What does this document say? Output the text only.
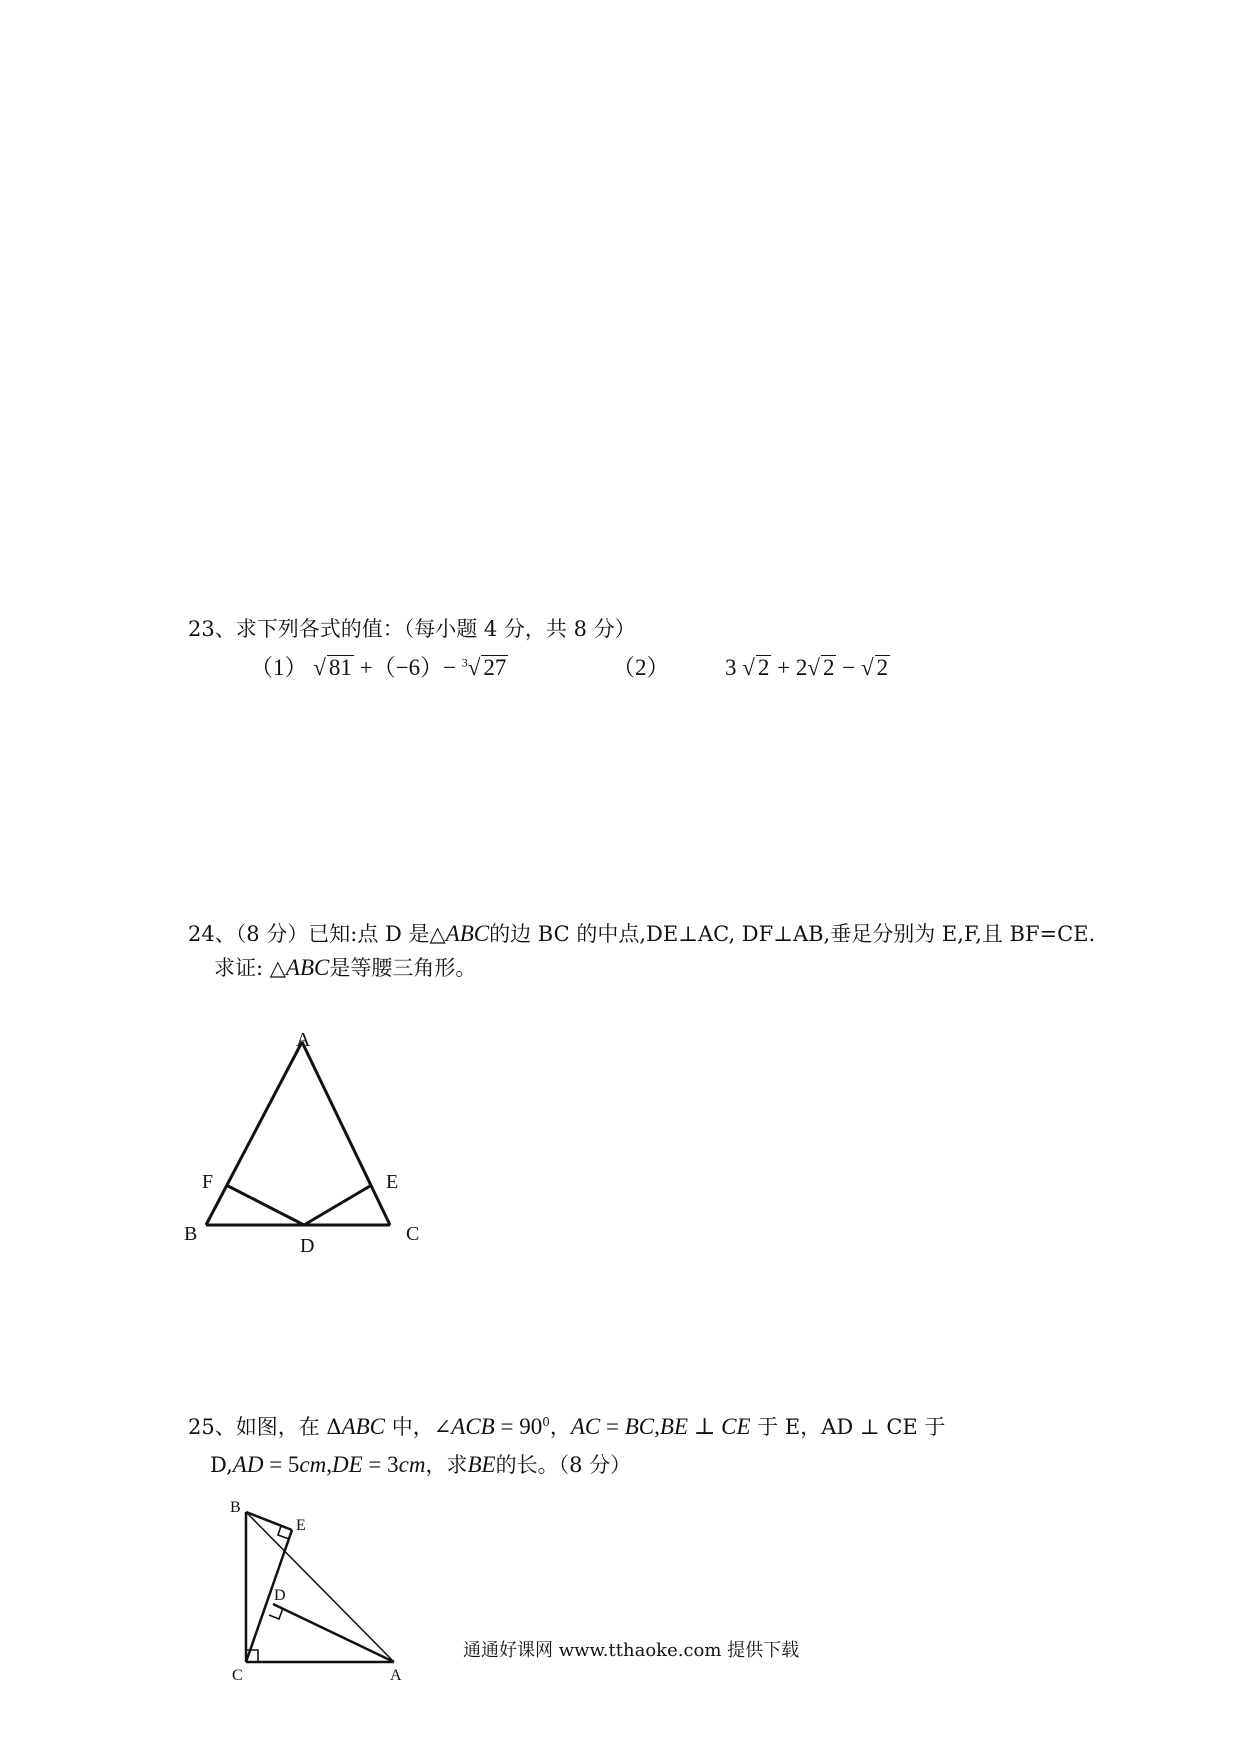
23、求下列各式的值：（每小题 4 分，共 8 分）
（1） √ 81 +（−6）− $^3$√ 27	（2） 3 √ 2 + 2√ 2 − √ 2
24、（8 分）已知:点 D 是△ABC的边 BC 的中点,DE⊥AC, DF⊥AB,垂足分别为 E,F,且 BF=CE.
求证: △ABC是等腰三角形。
A
F	E
B	C
D
25、如图，在 ΔABC 中，∠ACB = $90^0$，AC = BC,BE ⊥ CE 于 E，AD ⊥ CE 于
D,AD = 5cm,DE = 3cm，求BE的长。（8 分）
B
E
D
C	A
通通好课网 www.tthaoke.com 提供下载
